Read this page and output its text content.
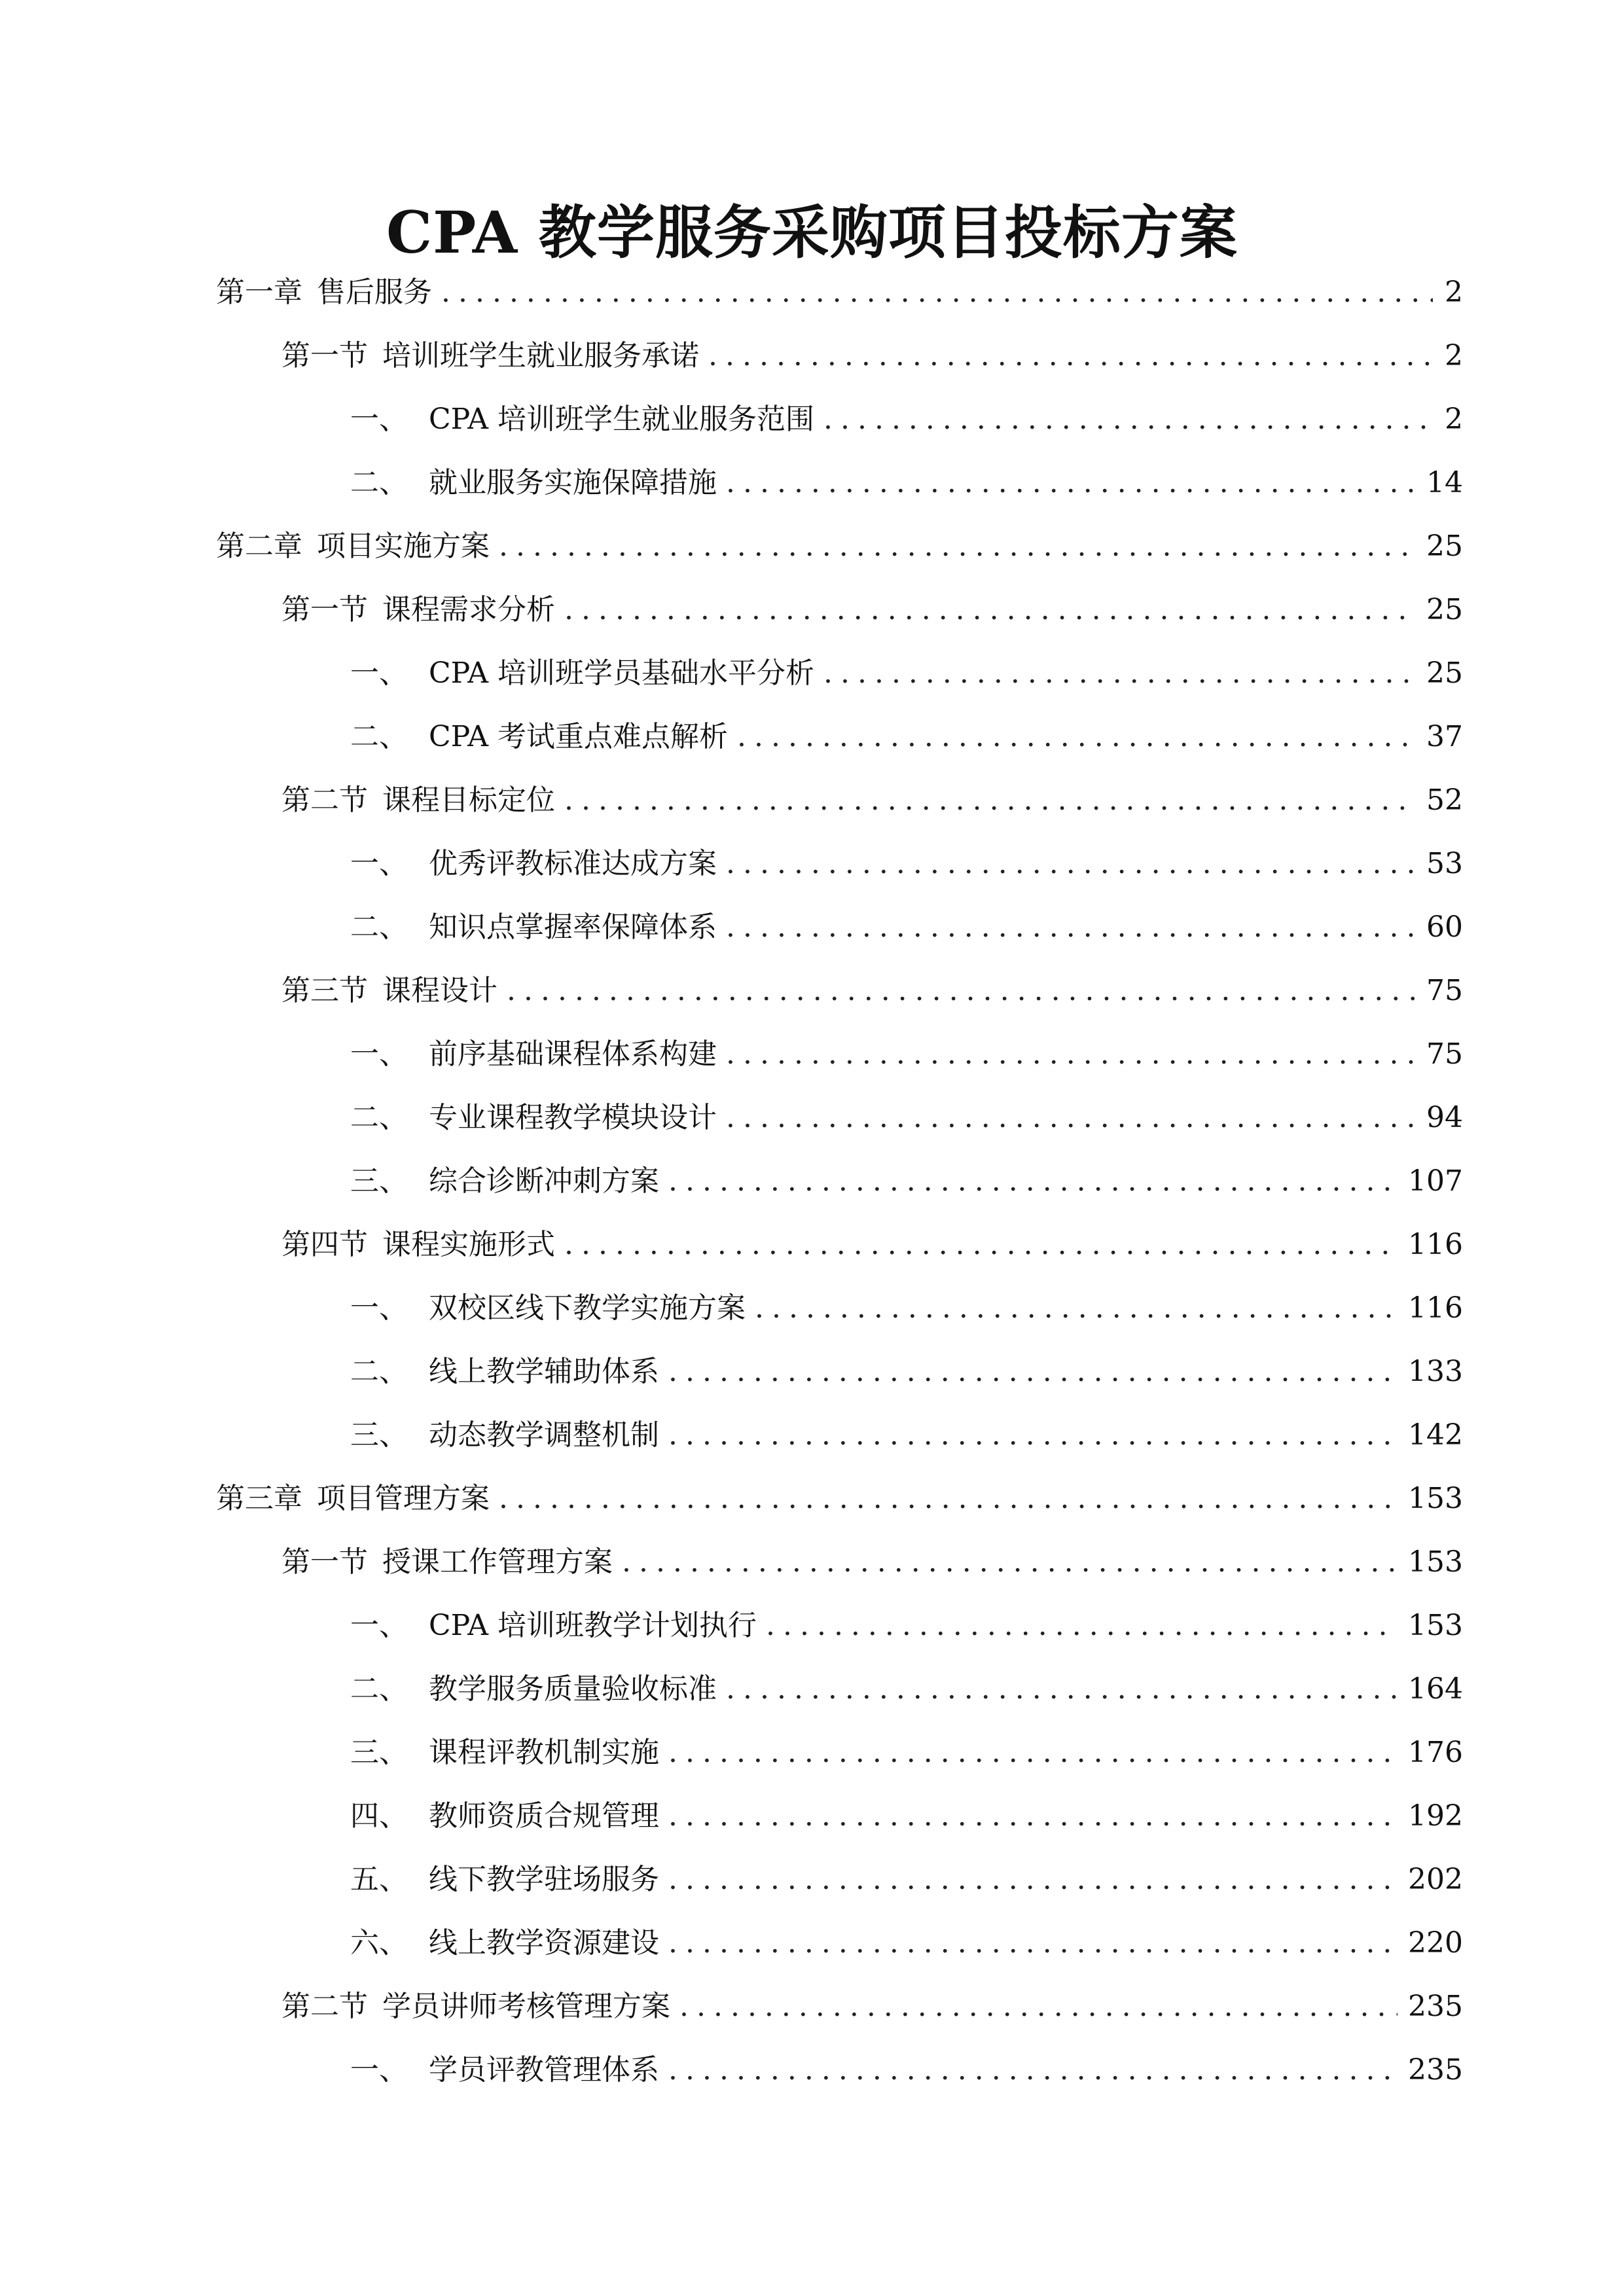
CPA 教学服务采购项目投标方案
第一章 售后服务 .....	2
第一节 培训班学生就业服务承诺 .....	2
一、 CPA 培训班学生就业服务范围 .....	2
二、 就业服务实施保障措施 .....	14
第二章 项目实施方案 .....	25
第一节 课程需求分析 .....	25
一、 CPA 培训班学员基础水平分析 .....	25
二、 CPA 考试重点难点解析 .....	37
第二节 课程目标定位 .....	52
一、 优秀评教标准达成方案 .....	53
二、 知识点掌握率保障体系 .....	60
第三节 课程设计 .....	75
一、 前序基础课程体系构建 .....	75
二、 专业课程教学模块设计 .....	94
三、 综合诊断冲刺方案 .....	107
第四节 课程实施形式 .....	116
一、 双校区线下教学实施方案 .....	116
二、 线上教学辅助体系 .....	133
三、 动态教学调整机制 .....	142
第三章 项目管理方案 .....	153
第一节 授课工作管理方案 .....	153
一、 CPA 培训班教学计划执行 .....	153
二、 教学服务质量验收标准 .....	164
三、 课程评教机制实施 .....	176
四、 教师资质合规管理 .....	192
五、 线下教学驻场服务 .....	202
六、 线上教学资源建设 .....	220
第二节 学员讲师考核管理方案 .....	235
一、 学员评教管理体系 .....	235
